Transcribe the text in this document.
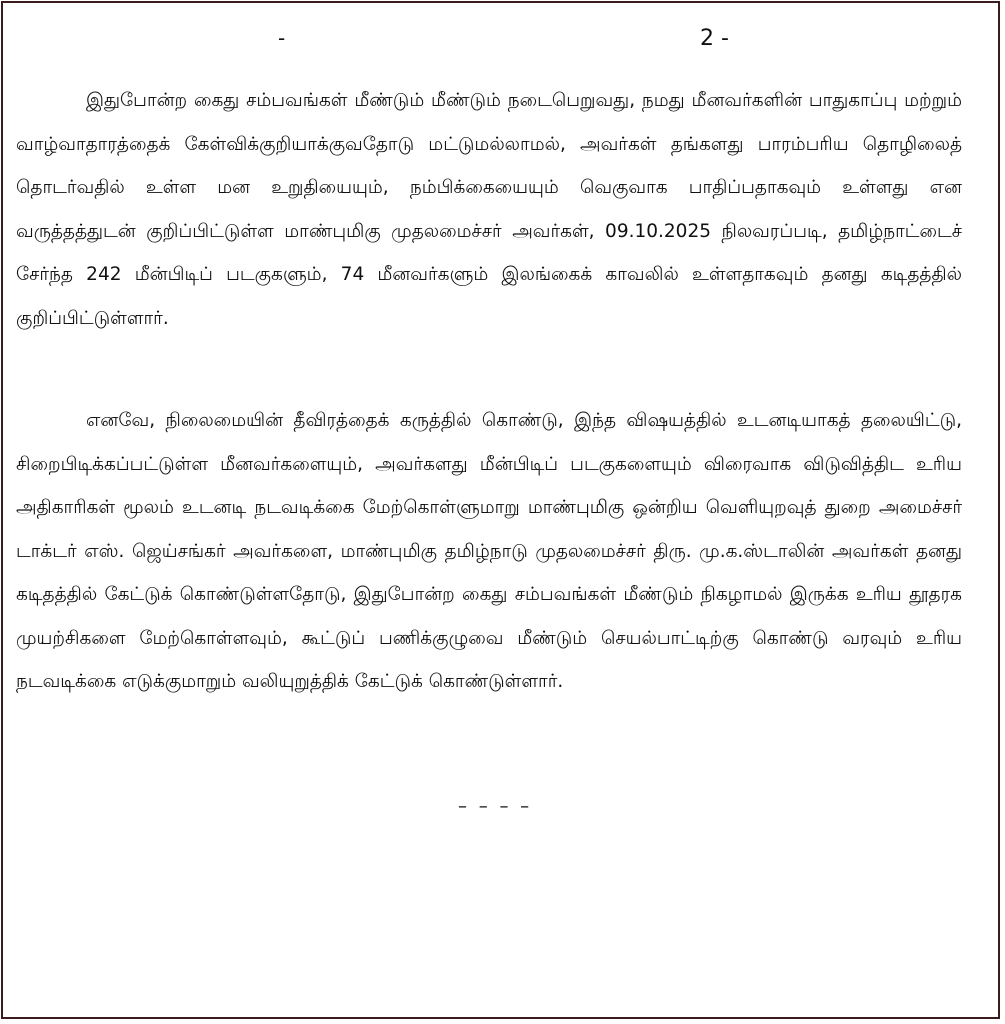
-	2 -

இதுபோன்ற கைது சம்பவங்கள் மீண்டும் மீண்டும் நடைபெறுவது, நமது மீனவர்களின் பாதுகாப்பு மற்றும் வாழ்வாதாரத்தைக் கேள்விக்குறியாக்குவதோடு மட்டுமல்லாமல், அவர்கள் தங்களது பாரம்பரிய தொழிலைத் தொடர்வதில் உள்ள மன உறுதியையும், நம்பிக்கையையும் வெகுவாக பாதிப்பதாகவும் உள்ளது என வருத்தத்துடன் குறிப்பிட்டுள்ள மாண்புமிகு முதலமைச்சர் அவர்கள், 09.10.2025 நிலவரப்படி, தமிழ்நாட்டைச் சேர்ந்த 242 மீன்பிடிப் படகுகளும், 74 மீனவர்களும் இலங்கைக் காவலில் உள்ளதாகவும் தனது கடிதத்தில் குறிப்பிட்டுள்ளார்.

எனவே, நிலைமையின் தீவிரத்தைக் கருத்தில் கொண்டு, இந்த விஷயத்தில் உடனடியாகத் தலையிட்டு, சிறைபிடிக்கப்பட்டுள்ள மீனவர்களையும், அவர்களது மீன்பிடிப் படகுகளையும் விரைவாக விடுவித்திட உரிய அதிகாரிகள் மூலம் உடனடி நடவடிக்கை மேற்கொள்ளுமாறு மாண்புமிகு ஒன்றிய வெளியுறவுத் துறை அமைச்சர் டாக்டர் எஸ். ஜெய்சங்கர் அவர்களை, மாண்புமிகு தமிழ்நாடு முதலமைச்சர் திரு. மு.க.ஸ்டாலின் அவர்கள் தனது கடிதத்தில் கேட்டுக் கொண்டுள்ளதோடு, இதுபோன்ற கைது சம்பவங்கள் மீண்டும் நிகழாமல் இருக்க உரிய தூதரக முயற்சிகளை மேற்கொள்ளவும், கூட்டுப் பணிக்குழுவை மீண்டும் செயல்பாட்டிற்கு கொண்டு வரவும் உரிய நடவடிக்கை எடுக்குமாறும் வலியுறுத்திக் கேட்டுக் கொண்டுள்ளார்.

– – – –
